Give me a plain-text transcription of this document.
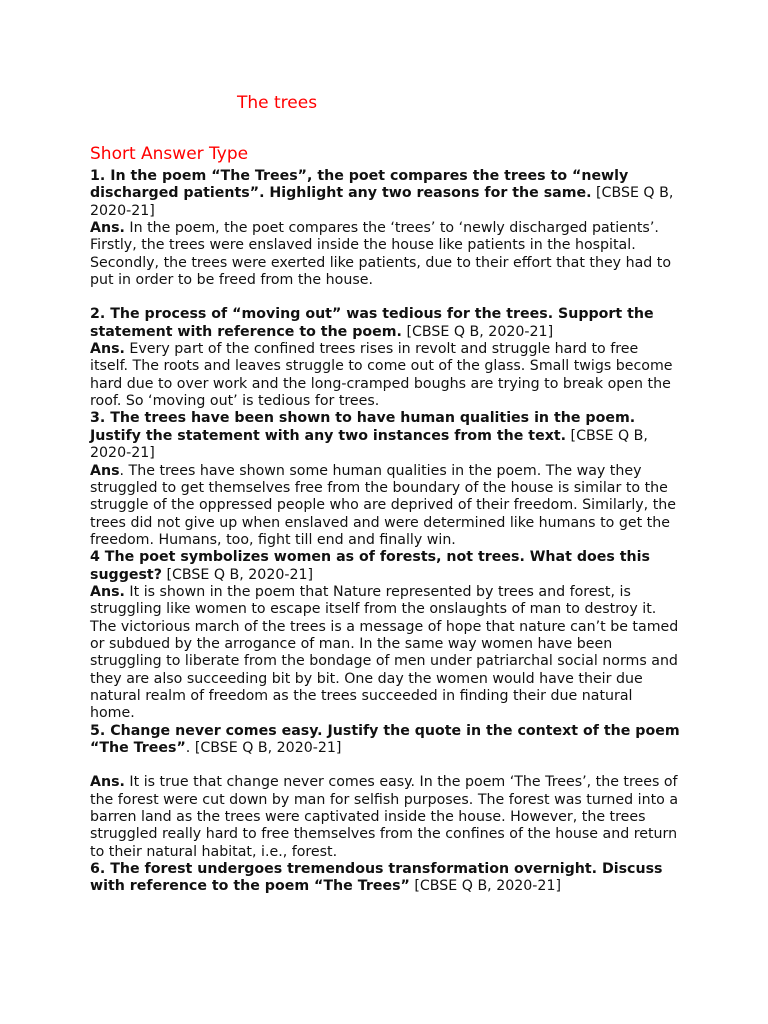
The trees
Short Answer Type

1. In the poem “The Trees”, the poet compares the trees to “newly discharged patients”. Highlight any two reasons for the same. [CBSE Q B, 2020-21]

Ans. In the poem, the poet compares the ‘trees’ to ‘newly discharged patients’. Firstly, the trees were enslaved inside the house like patients in the hospital. Secondly, the trees were exerted like patients, due to their effort that they had to put in order to be freed from the house.

2. The process of “moving out” was tedious for the trees. Support the statement with reference to the poem. [CBSE Q B, 2020-21]

Ans. Every part of the confined trees rises in revolt and struggle hard to free itself. The roots and leaves struggle to come out of the glass. Small twigs become hard due to over work and the long-cramped boughs are trying to break open the roof. So ‘moving out’ is tedious for trees.

3. The trees have been shown to have human qualities in the poem. Justify the statement with any two instances from the text. [CBSE Q B, 2020-21]

Ans. The trees have shown some human qualities in the poem. The way they struggled to get themselves free from the boundary of the house is similar to the struggle of the oppressed people who are deprived of their freedom. Similarly, the trees did not give up when enslaved and were determined like humans to get the freedom. Humans, too, fight till end and finally win.

4 The poet symbolizes women as of forests, not trees. What does this suggest? [CBSE Q B, 2020-21]

Ans. It is shown in the poem that Nature represented by trees and forest, is struggling like women to escape itself from the onslaughts of man to destroy it. The victorious march of the trees is a message of hope that nature can’t be tamed or subdued by the arrogance of man. In the same way women have been struggling to liberate from the bondage of men under patriarchal social norms and they are also succeeding bit by bit. One day the women would have their due natural realm of freedom as the trees succeeded in finding their due natural home.

5. Change never comes easy. Justify the quote in the context of the poem “The Trees”. [CBSE Q B, 2020-21]

Ans. It is true that change never comes easy. In the poem ‘The Trees’, the trees of the forest were cut down by man for selfish purposes. The forest was turned into a barren land as the trees were captivated inside the house. However, the trees struggled really hard to free themselves from the confines of the house and return to their natural habitat, i.e., forest.

6. The forest undergoes tremendous transformation overnight. Discuss with reference to the poem “The Trees” [CBSE Q B, 2020-21]
